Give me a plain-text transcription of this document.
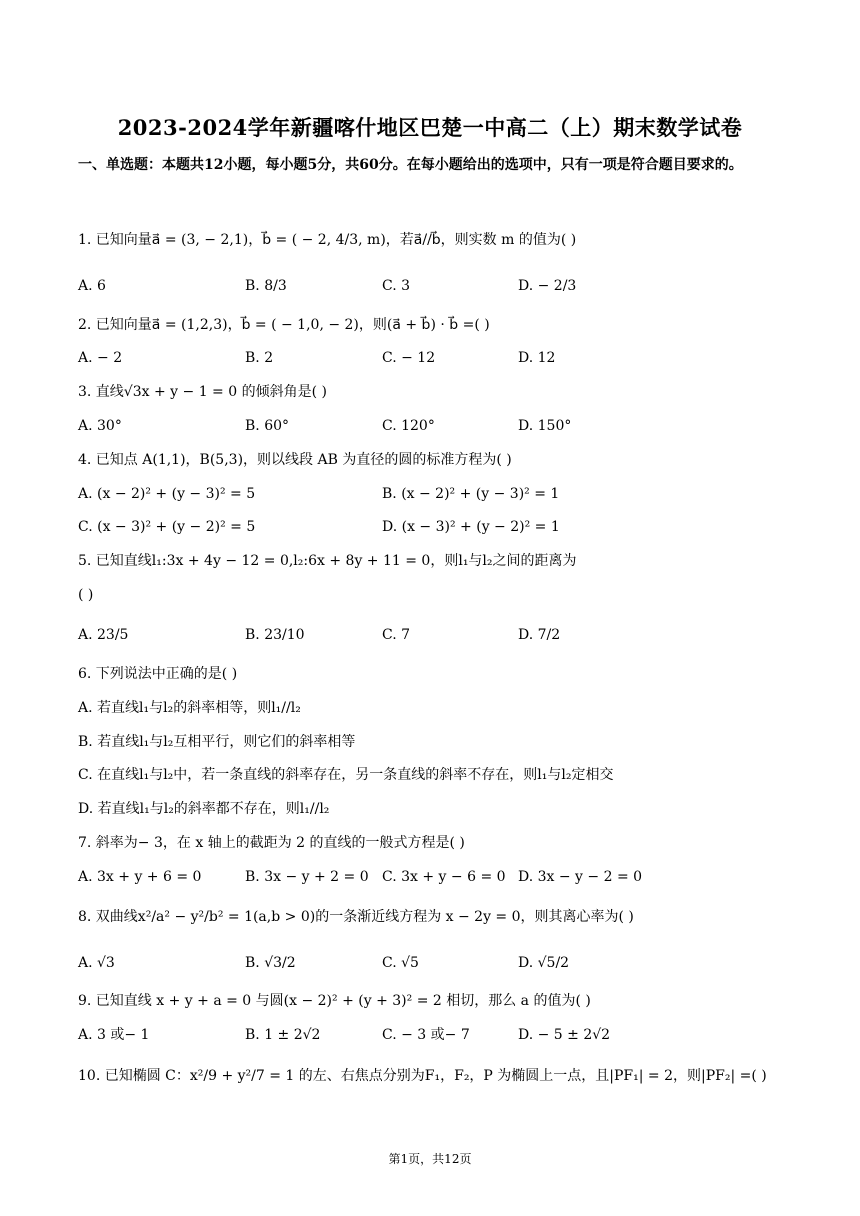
2023-2024学年新疆喀什地区巴楚一中高二（上）期末数学试卷
一、单选题：本题共12小题，每小题5分，共60分。在每小题给出的选项中，只有一项是符合题目要求的。
1. 已知向量a⃗ = (3, − 2,1)，b⃗ = ( − 2, 4/3, m)，若a⃗//b⃗，则实数 m 的值为( )
A. 6	B. 8/3	C. 3	D. − 2/3
2. 已知向量a⃗ = (1,2,3)，b⃗ = ( − 1,0, − 2)，则(a⃗ + b⃗) · b⃗ =( )
A. − 2	B. 2	C. − 12	D. 12
3. 直线√3x + y − 1 = 0 的倾斜角是( )
A. 30°	B. 60°	C. 120°	D. 150°
4. 已知点 A(1,1)，B(5,3)，则以线段 AB 为直径的圆的标准方程为( )
A. (x − 2)² + (y − 3)² = 5	B. (x − 2)² + (y − 3)² = 1
C. (x − 3)² + (y − 2)² = 5	D. (x − 3)² + (y − 2)² = 1
5. 已知直线l₁:3x + 4y − 12 = 0,l₂:6x + 8y + 11 = 0，则l₁与l₂之间的距离为
( )
A. 23/5	B. 23/10	C. 7	D. 7/2
6. 下列说法中正确的是( )
A. 若直线l₁与l₂的斜率相等，则l₁//l₂
B. 若直线l₁与l₂互相平行，则它们的斜率相等
C. 在直线l₁与l₂中，若一条直线的斜率存在，另一条直线的斜率不存在，则l₁与l₂定相交
D. 若直线l₁与l₂的斜率都不存在，则l₁//l₂
7. 斜率为− 3，在 x 轴上的截距为 2 的直线的一般式方程是( )
A. 3x + y + 6 = 0	B. 3x − y + 2 = 0 C. 3x + y − 6 = 0 D. 3x − y − 2 = 0
8. 双曲线x²/a² − y²/b² = 1(a,b > 0)的一条渐近线方程为 x − 2y = 0，则其离心率为( )
A. √3	B. √3/2	C. √5	D. √5/2
9. 已知直线 x + y + a = 0 与圆(x − 2)² + (y + 3)² = 2 相切，那么 a 的值为( )
A. 3 或− 1	B. 1 ± 2√2	C. − 3 或− 7	D. − 5 ± 2√2
10. 已知椭圆 C：x²/9 + y²/7 = 1 的左、右焦点分别为F₁，F₂，P 为椭圆上一点，且|PF₁| = 2，则|PF₂| =( )
第1页，共12页
